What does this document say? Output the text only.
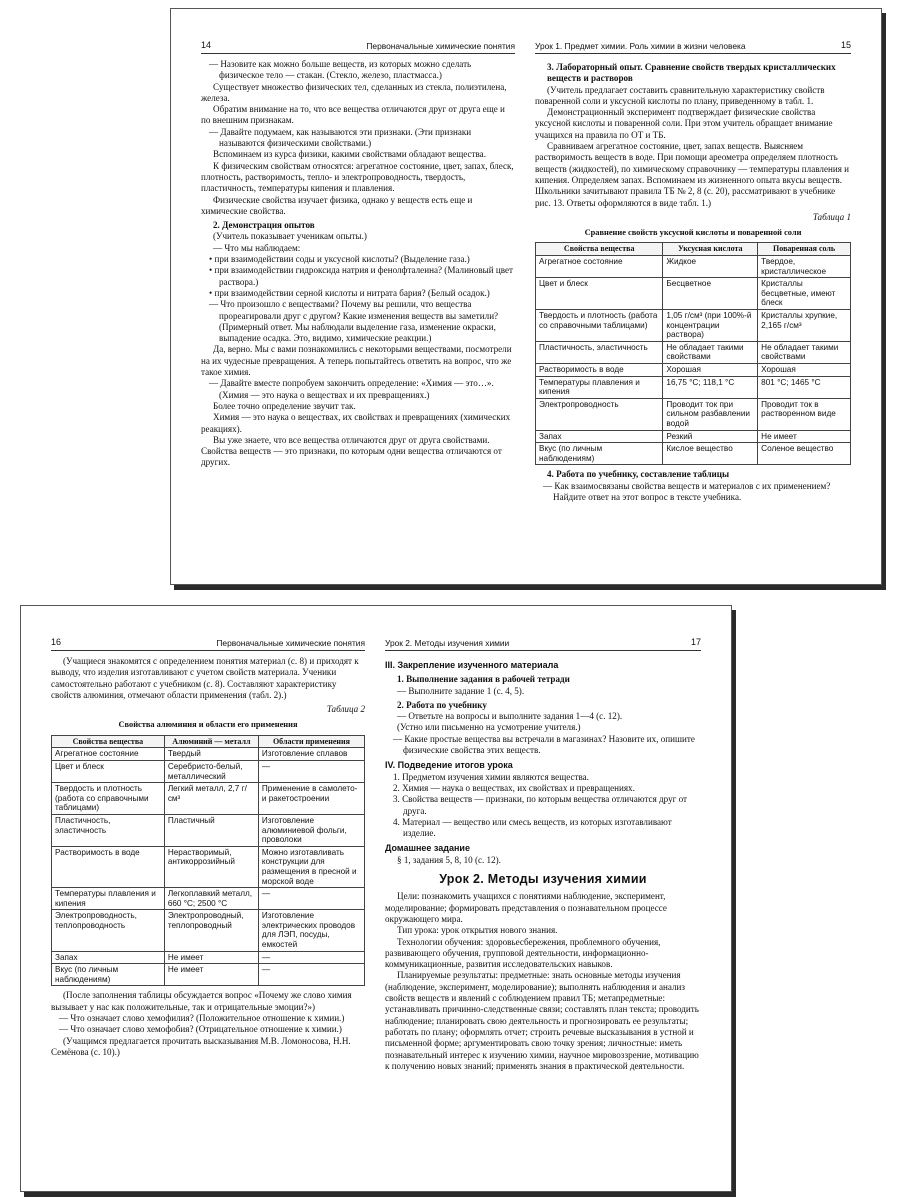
14	Первоначальные химические понятия

— Назовите как можно больше веществ, из которых можно сделать физическое тело — стакан. (Стекло, железо, пластмасса.)

Существует множество физических тел, сделанных из стекла, полиэтилена, железа.

Обратим внимание на то, что все вещества отличаются друг от друга еще и по внешним признакам.

— Давайте подумаем, как называются эти признаки. (Эти признаки называются физическими свойствами.)

Вспоминаем из курса физики, какими свойствами обладают вещества.

К физическим свойствам относятся: агрегатное состояние, цвет, запах, блеск, плотность, растворимость, тепло- и электропроводность, твердость, пластичность, температуры кипения и плавления.

Физические свойства изучает физика, однако у веществ есть еще и химические свойства.

2. Демонстрация опытов

(Учитель показывает ученикам опыты.)

— Что мы наблюдаем:

• при взаимодействии соды и уксусной кислоты? (Выделение газа.)

• при взаимодействии гидроксида натрия и фенолфталеина? (Малиновый цвет раствора.)

• при взаимодействии серной кислоты и нитрата бария? (Белый осадок.)

— Что произошло с веществами? Почему вы решили, что вещества прореагировали друг с другом? Какие изменения веществ вы заметили? (Примерный ответ. Мы наблюдали выделение газа, изменение окраски, выпадение осадка. Это, видимо, химические реакции.)

Да, верно. Мы с вами познакомились с некоторыми веществами, посмотрели на их чудесные превращения. А теперь попытайтесь ответить на вопрос, что же такое химия.

— Давайте вместе попробуем закончить определение: «Химия — это…». (Химия — это наука о веществах и их превращениях.)

Более точно определение звучит так.

Химия — это наука о веществах, их свойствах и превращениях (химических реакциях).

Вы уже знаете, что все вещества отличаются друг от друга свойствами. Свойства веществ — это признаки, по которым одни вещества отличаются от других.

15
Урок 1. Предмет химии. Роль химии в жизни человека

3. Лабораторный опыт. Сравнение свойств твердых кристаллических веществ и растворов

(Учитель предлагает составить сравнительную характеристику свойств поваренной соли и уксусной кислоты по плану, приведенному в табл. 1.

Демонстрационный эксперимент подтверждает физические свойства уксусной кислоты и поваренной соли. При этом учитель обращает внимание учащихся на правила по ОТ и ТБ.

Сравниваем агрегатное состояние, цвет, запах веществ. Выясняем растворимость веществ в воде. При помощи ареометра определяем плотность веществ (жидкостей), по химическому справочнику — температуры плавления и кипения. Определяем запах. Вспоминаем из жизненного опыта вкусы веществ. Школьники зачитывают правила ТБ № 2, 8 (с. 20), рассматривают в учебнике рис. 13. Ответы оформляются в виде табл. 1.)

Таблица 1

Сравнение свойств уксусной кислоты и поваренной соли

Свойства вещества	Уксусная кислота	Поваренная соль
Агрегатное состояние	Жидкое	Твердое, кристаллическое
Цвет и блеск	Бесцветное	Кристаллы бесцветные, имеют блеск
Твердость и плотность (работа со справочными таблицами)	1,05 г/см³ (при 100%-й концентрации раствора)	Кристаллы хрупкие, 2,165 г/см³
Пластичность, эластичность	Не обладает такими свойствами	Не обладает такими свойствами
Растворимость в воде	Хорошая	Хорошая
Температуры плавления и кипения	16,75 °C; 118,1 °C	801 °C; 1465 °C
Электропроводность	Проводит ток при сильном разбавлении водой	Проводит ток в растворенном виде
Запах	Резкий	Не имеет
Вкус (по личным наблюдениям)	Кислое вещество	Соленое вещество

4. Работа по учебнику, составление таблицы

— Как взаимосвязаны свойства веществ и материалов с их применением? Найдите ответ на этот вопрос в тексте учебника.

16	Первоначальные химические понятия

(Учащиеся знакомятся с определением понятия материал (с. 8) и приходят к выводу, что изделия изготавливают с учетом свойств материала. Ученики самостоятельно работают с учебником (с. 8). Составляют характеристику свойств алюминия, отмечают области применения (табл. 2).)

Таблица 2

Свойства алюминия и области его применения

Свойства вещества	Алюминий — металл	Области применения
Агрегатное состояние	Твердый	Изготовление сплавов
Цвет и блеск	Серебристо-белый, металлический	—
Твердость и плотность (работа со справочными таблицами)	Легкий металл, 2,7 г/см³	Применение в самолето- и ракетостроении
Пластичность, эластичность	Пластичный	Изготовление алюминиевой фольги, проволоки
Растворимость в воде	Нерастворимый, антикоррозийный	Можно изготавливать конструкции для размещения в пресной и морской воде
Температуры плавления и кипения	Легкоплавкий металл, 660 °C; 2500 °C	—
Электропроводность, теплопроводность	Электропроводный, теплопроводный	Изготовление электрических проводов для ЛЭП, посуды, емкостей
Запах	Не имеет	—
Вкус (по личным наблюдениям)	Не имеет	—

(После заполнения таблицы обсуждается вопрос «Почему же слово химия вызывает у нас как положительные, так и отрицательные эмоции?»)

— Что означает слово хемофилия? (Положительное отношение к химии.)

— Что означает слово хемофобия? (Отрицательное отношение к химии.)

(Учащимся предлагается прочитать высказывания М.В. Ломоносова, Н.Н. Семёнова (с. 10).)

17
Урок 2. Методы изучения химии

III. Закрепление изученного материала

1. Выполнение задания в рабочей тетради

— Выполните задание 1 (с. 4, 5).

2. Работа по учебнику

— Ответьте на вопросы и выполните задания 1—4 (с. 12).

(Устно или письменно на усмотрение учителя.)

— Какие простые вещества вы встречали в магазинах? Назовите их, опишите физические свойства этих веществ.

IV. Подведение итогов урока

1. Предметом изучения химии являются вещества.

2. Химия — наука о веществах, их свойствах и превращениях.

3. Свойства веществ — признаки, по которым вещества отличаются друг от друга.

4. Материал — вещество или смесь веществ, из которых изготавливают изделие.

Домашнее задание

§ 1, задания 5, 8, 10 (с. 12).

Урок 2. Методы изучения химии

Цели: познакомить учащихся с понятиями наблюдение, эксперимент, моделирование; формировать представления о познавательном процессе окружающего мира.

Тип урока: урок открытия нового знания.

Технологии обучения: здоровьесбережения, проблемного обучения, развивающего обучения, групповой деятельности, информационно-коммуникационные, развития исследовательских навыков.

Планируемые результаты: предметные: знать основные методы изучения (наблюдение, эксперимент, моделирование); выполнять наблюдения и анализ свойств веществ и явлений с соблюдением правил ТБ; метапредметные: устанавливать причинно-следственные связи; составлять план текста; проводить наблюдение; планировать свою деятельность и прогнозировать ее результаты; работать по плану; оформлять отчет; строить речевые высказывания в устной и письменной форме; аргументировать свою точку зрения; личностные: иметь познавательный интерес к изучению химии, научное мировоззрение, мотивацию к получению новых знаний; применять знания в практической деятельности.
